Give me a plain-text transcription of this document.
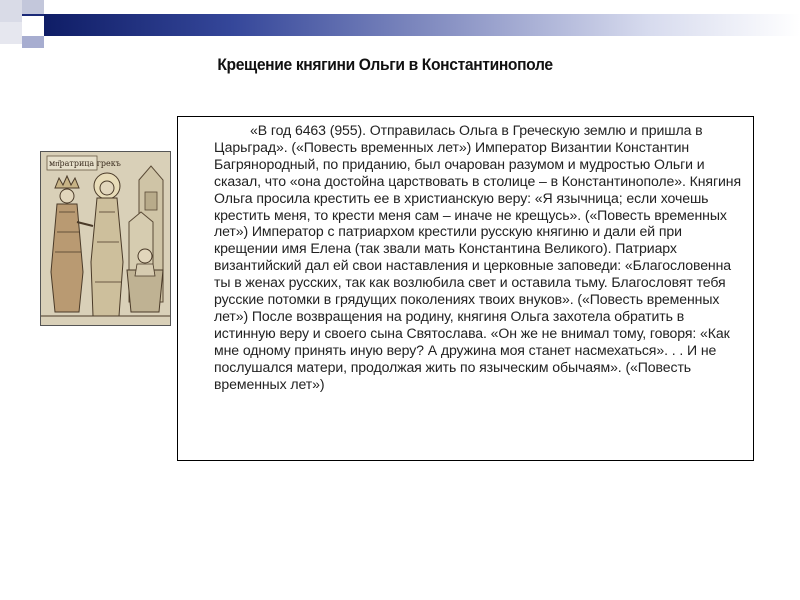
Крещение княгини Ольги в Константинополе
мп҃ратрица грекъ

«В год 6463 (955). Отправилась Ольга в Греческую землю и пришла в Царьград». («Повесть временных лет») Император Византии Константин Багрянородный, по приданию, был очарован разумом и мудростью Ольги и сказал, что «она достойна царствовать в столице – в Константинополе». Княгиня Ольга просила крестить ее в христианскую веру: «Я язычница; если хочешь крестить меня, то крести меня сам – иначе не крещусь». («Повесть временных лет») Император с патриархом крестили русскую княгиню и дали ей при крещении имя Елена (так звали мать Константина Великого). Патриарх византийский дал ей свои наставления и церковные заповеди: «Благословенна ты в женах русских, так как возлюбила свет и оставила тьму. Благословят тебя русские потомки в грядущих поколениях твоих внуков». («Повесть временных лет») После возвращения на родину, княгиня Ольга захотела обратить в истинную веру и своего сына Святослава. «Он же не внимал тому, говоря: «Как мне одному принять иную веру? А дружина моя станет насмехаться». . . И не послушался матери, продолжая жить по языческим обычаям». («Повесть временных лет»)
